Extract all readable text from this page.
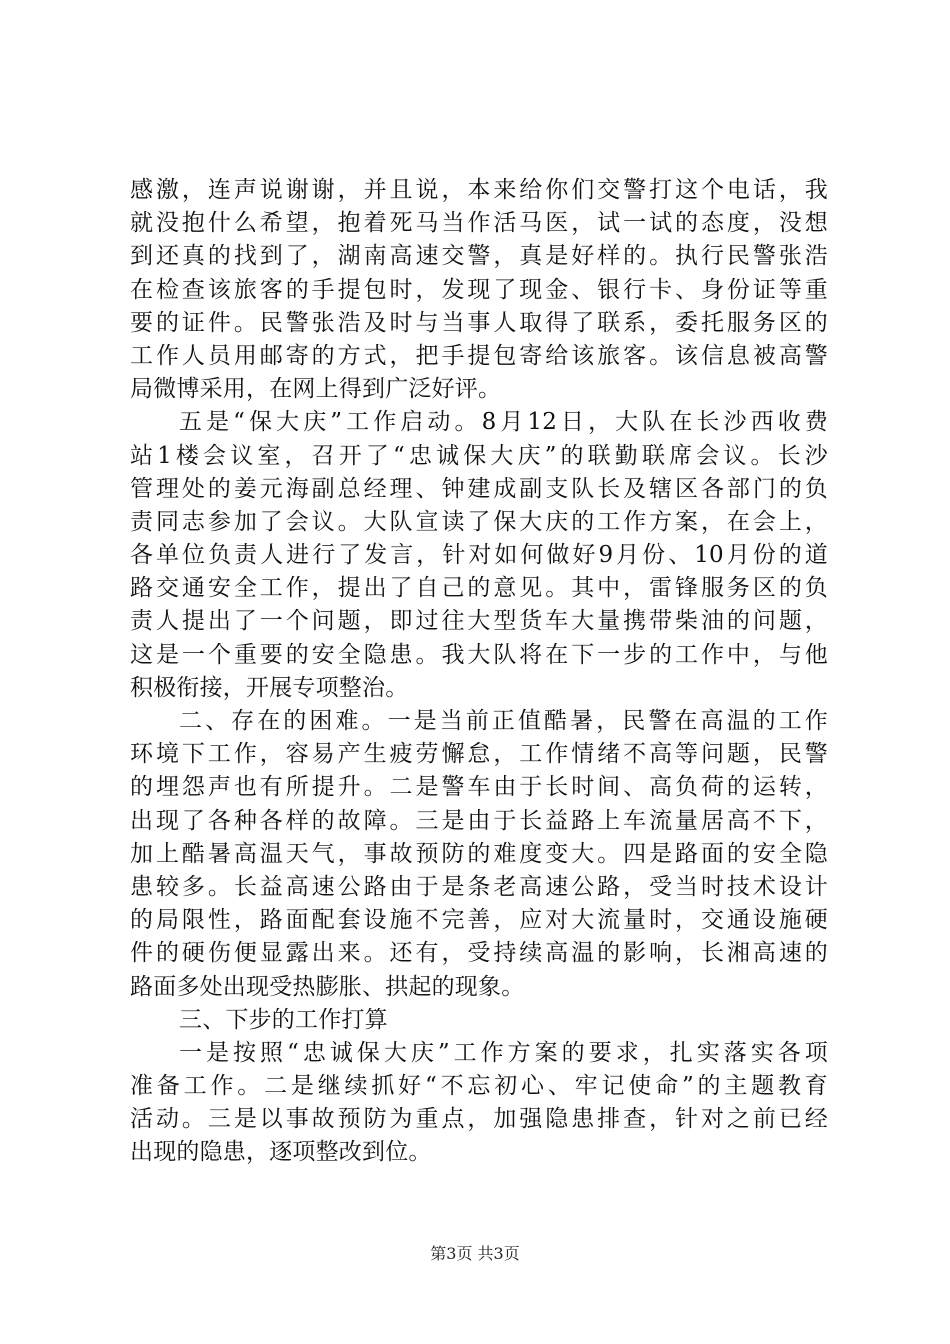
感激，连声说谢谢，并且说，本来给你们交警打这个电话，我
就没抱什么希望，抱着死马当作活马医，试一试的态度，没想
到还真的找到了，湖南高速交警，真是好样的。执行民警张浩
在检查该旅客的手提包时，发现了现金、银行卡、身份证等重
要的证件。民警张浩及时与当事人取得了联系，委托服务区的
工作人员用邮寄的方式，把手提包寄给该旅客。该信息被高警
局微博采用，在网上得到广泛好评。
五是“保大庆”工作启动。8月12日，大队在长沙西收费
站1楼会议室，召开了“忠诚保大庆”的联勤联席会议。长沙
管理处的姜元海副总经理、钟建成副支队长及辖区各部门的负
责同志参加了会议。大队宣读了保大庆的工作方案，在会上，
各单位负责人进行了发言，针对如何做好9月份、10月份的道
路交通安全工作，提出了自己的意见。其中，雷锋服务区的负
责人提出了一个问题，即过往大型货车大量携带柴油的问题，
这是一个重要的安全隐患。我大队将在下一步的工作中，与他
积极衔接，开展专项整治。
二、存在的困难。一是当前正值酷暑，民警在高温的工作
环境下工作，容易产生疲劳懈怠，工作情绪不高等问题，民警
的埋怨声也有所提升。二是警车由于长时间、高负荷的运转，
出现了各种各样的故障。三是由于长益路上车流量居高不下，
加上酷暑高温天气，事故预防的难度变大。四是路面的安全隐
患较多。长益高速公路由于是条老高速公路，受当时技术设计
的局限性，路面配套设施不完善，应对大流量时，交通设施硬
件的硬伤便显露出来。还有，受持续高温的影响，长湘高速的
路面多处出现受热膨胀、拱起的现象。
三、下步的工作打算
一是按照“忠诚保大庆”工作方案的要求，扎实落实各项
准备工作。二是继续抓好“不忘初心、牢记使命”的主题教育
活动。三是以事故预防为重点，加强隐患排查，针对之前已经
出现的隐患，逐项整改到位。
第3页 共3页
